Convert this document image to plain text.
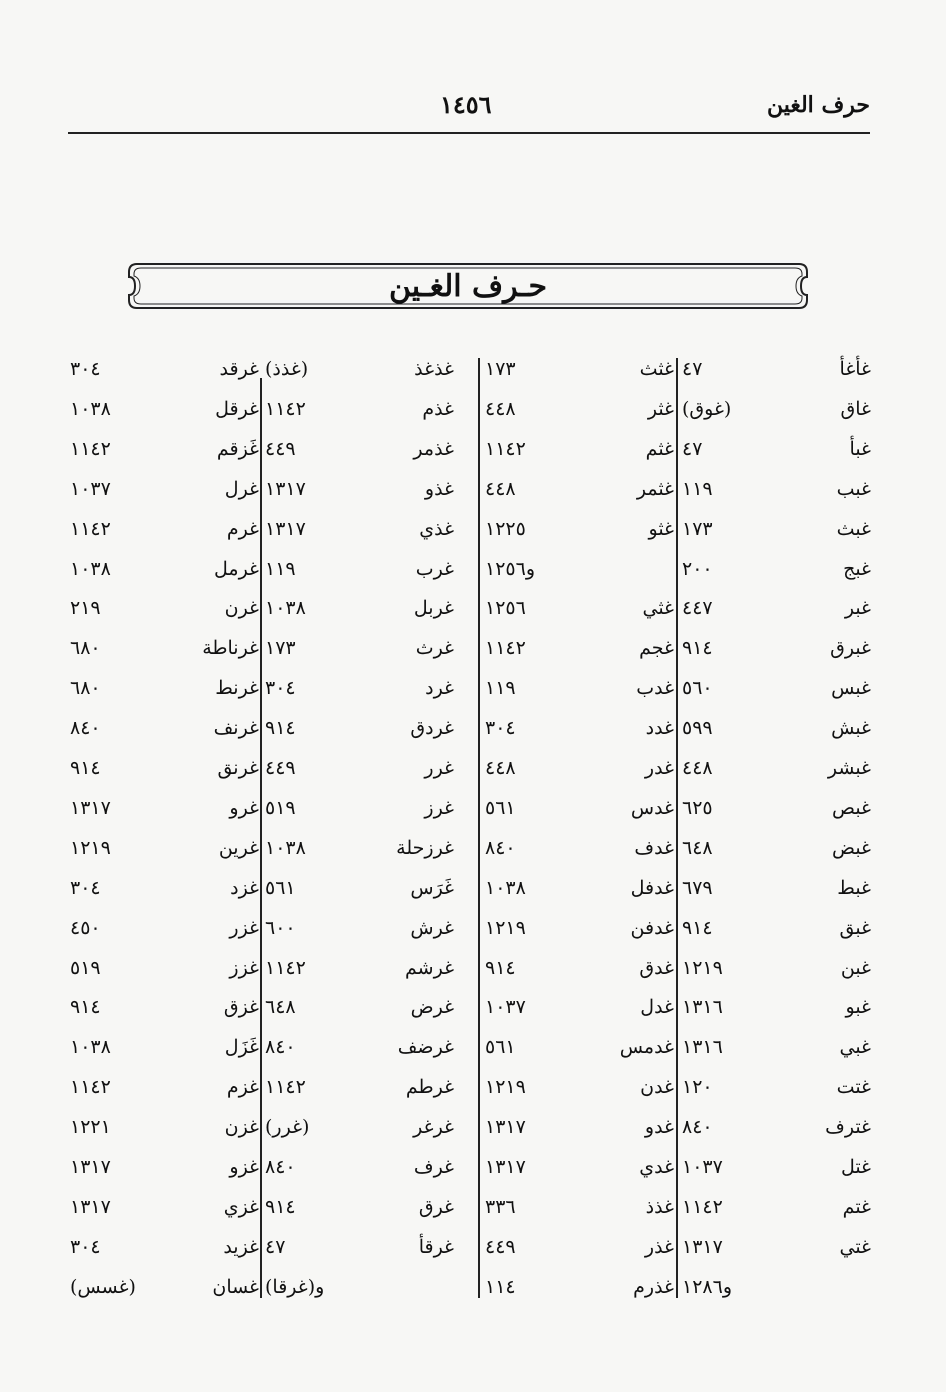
حرف الغين
١٤٥٦
حـرف الغـين
غأغأ
٤٧
غاق
(غوق)
غبأ
٤٧
غبب
١١٩
غبث
١٧٣
غبج
٢٠٠
غبر
٤٤٧
غبرق
٩١٤
غبس
٥٦٠
غبش
٥٩٩
غبشر
٤٤٨
غبص
٦٢٥
غبض
٦٤٨
غبط
٦٧٩
غبق
٩١٤
غبن
١٢١٩
غبو
١٣١٦
غبي
١٣١٦
غتت
١٢٠
غترف
٨٤٠
غتل
١٠٣٧
غتم
١١٤٢
غتي
١٣١٧
و١٢٨٦
غثث
١٧٣
غثر
٤٤٨
غثم
١١٤٢
غثمر
٤٤٨
غثو
١٢٢٥
و١٢٥٦
غثي
١٢٥٦
غجم
١١٤٢
غدب
١١٩
غدد
٣٠٤
غدر
٤٤٨
غدس
٥٦١
غدف
٨٤٠
غدفل
١٠٣٨
غدفن
١٢١٩
غدق
٩١٤
غدل
١٠٣٧
غدمس
٥٦١
غدن
١٢١٩
غدو
١٣١٧
غدي
١٣١٧
غذذ
٣٣٦
غذر
٤٤٩
غذرم
١١٤
غذغذ
(غذذ)
غذم
١١٤٢
غذمر
٤٤٩
غذو
١٣١٧
غذي
١٣١٧
غرب
١١٩
غربل
١٠٣٨
غرث
١٧٣
غرد
٣٠٤
غردق
٩١٤
غرر
٤٤٩
غرز
٥١٩
غرزحلة
١٠٣٨
غَرَس
٥٦١
غرش
٦٠٠
غرشم
١١٤٢
غرض
٦٤٨
غرضف
٨٤٠
غرطم
١١٤٢
غرغر
(غرر)
غرف
٨٤٠
غرق
٩١٤
غرقأ
٤٧
و(غرقا)
غرقد
٣٠٤
غرقل
١٠٣٨
غَزقم
١١٤٢
غرل
١٠٣٧
غرم
١١٤٢
غرمل
١٠٣٨
غرن
٢١٩
غرناطة
٦٨٠
غرنط
٦٨٠
غرنف
٨٤٠
غرنق
٩١٤
غرو
١٣١٧
غرين
١٢١٩
غزد
٣٠٤
غزر
٤٥٠
غزز
٥١٩
غزق
٩١٤
غَزَل
١٠٣٨
غزم
١١٤٢
غزن
١٢٢١
غزو
١٣١٧
غزي
١٣١٧
غزيد
٣٠٤
غسان
(غسس)
